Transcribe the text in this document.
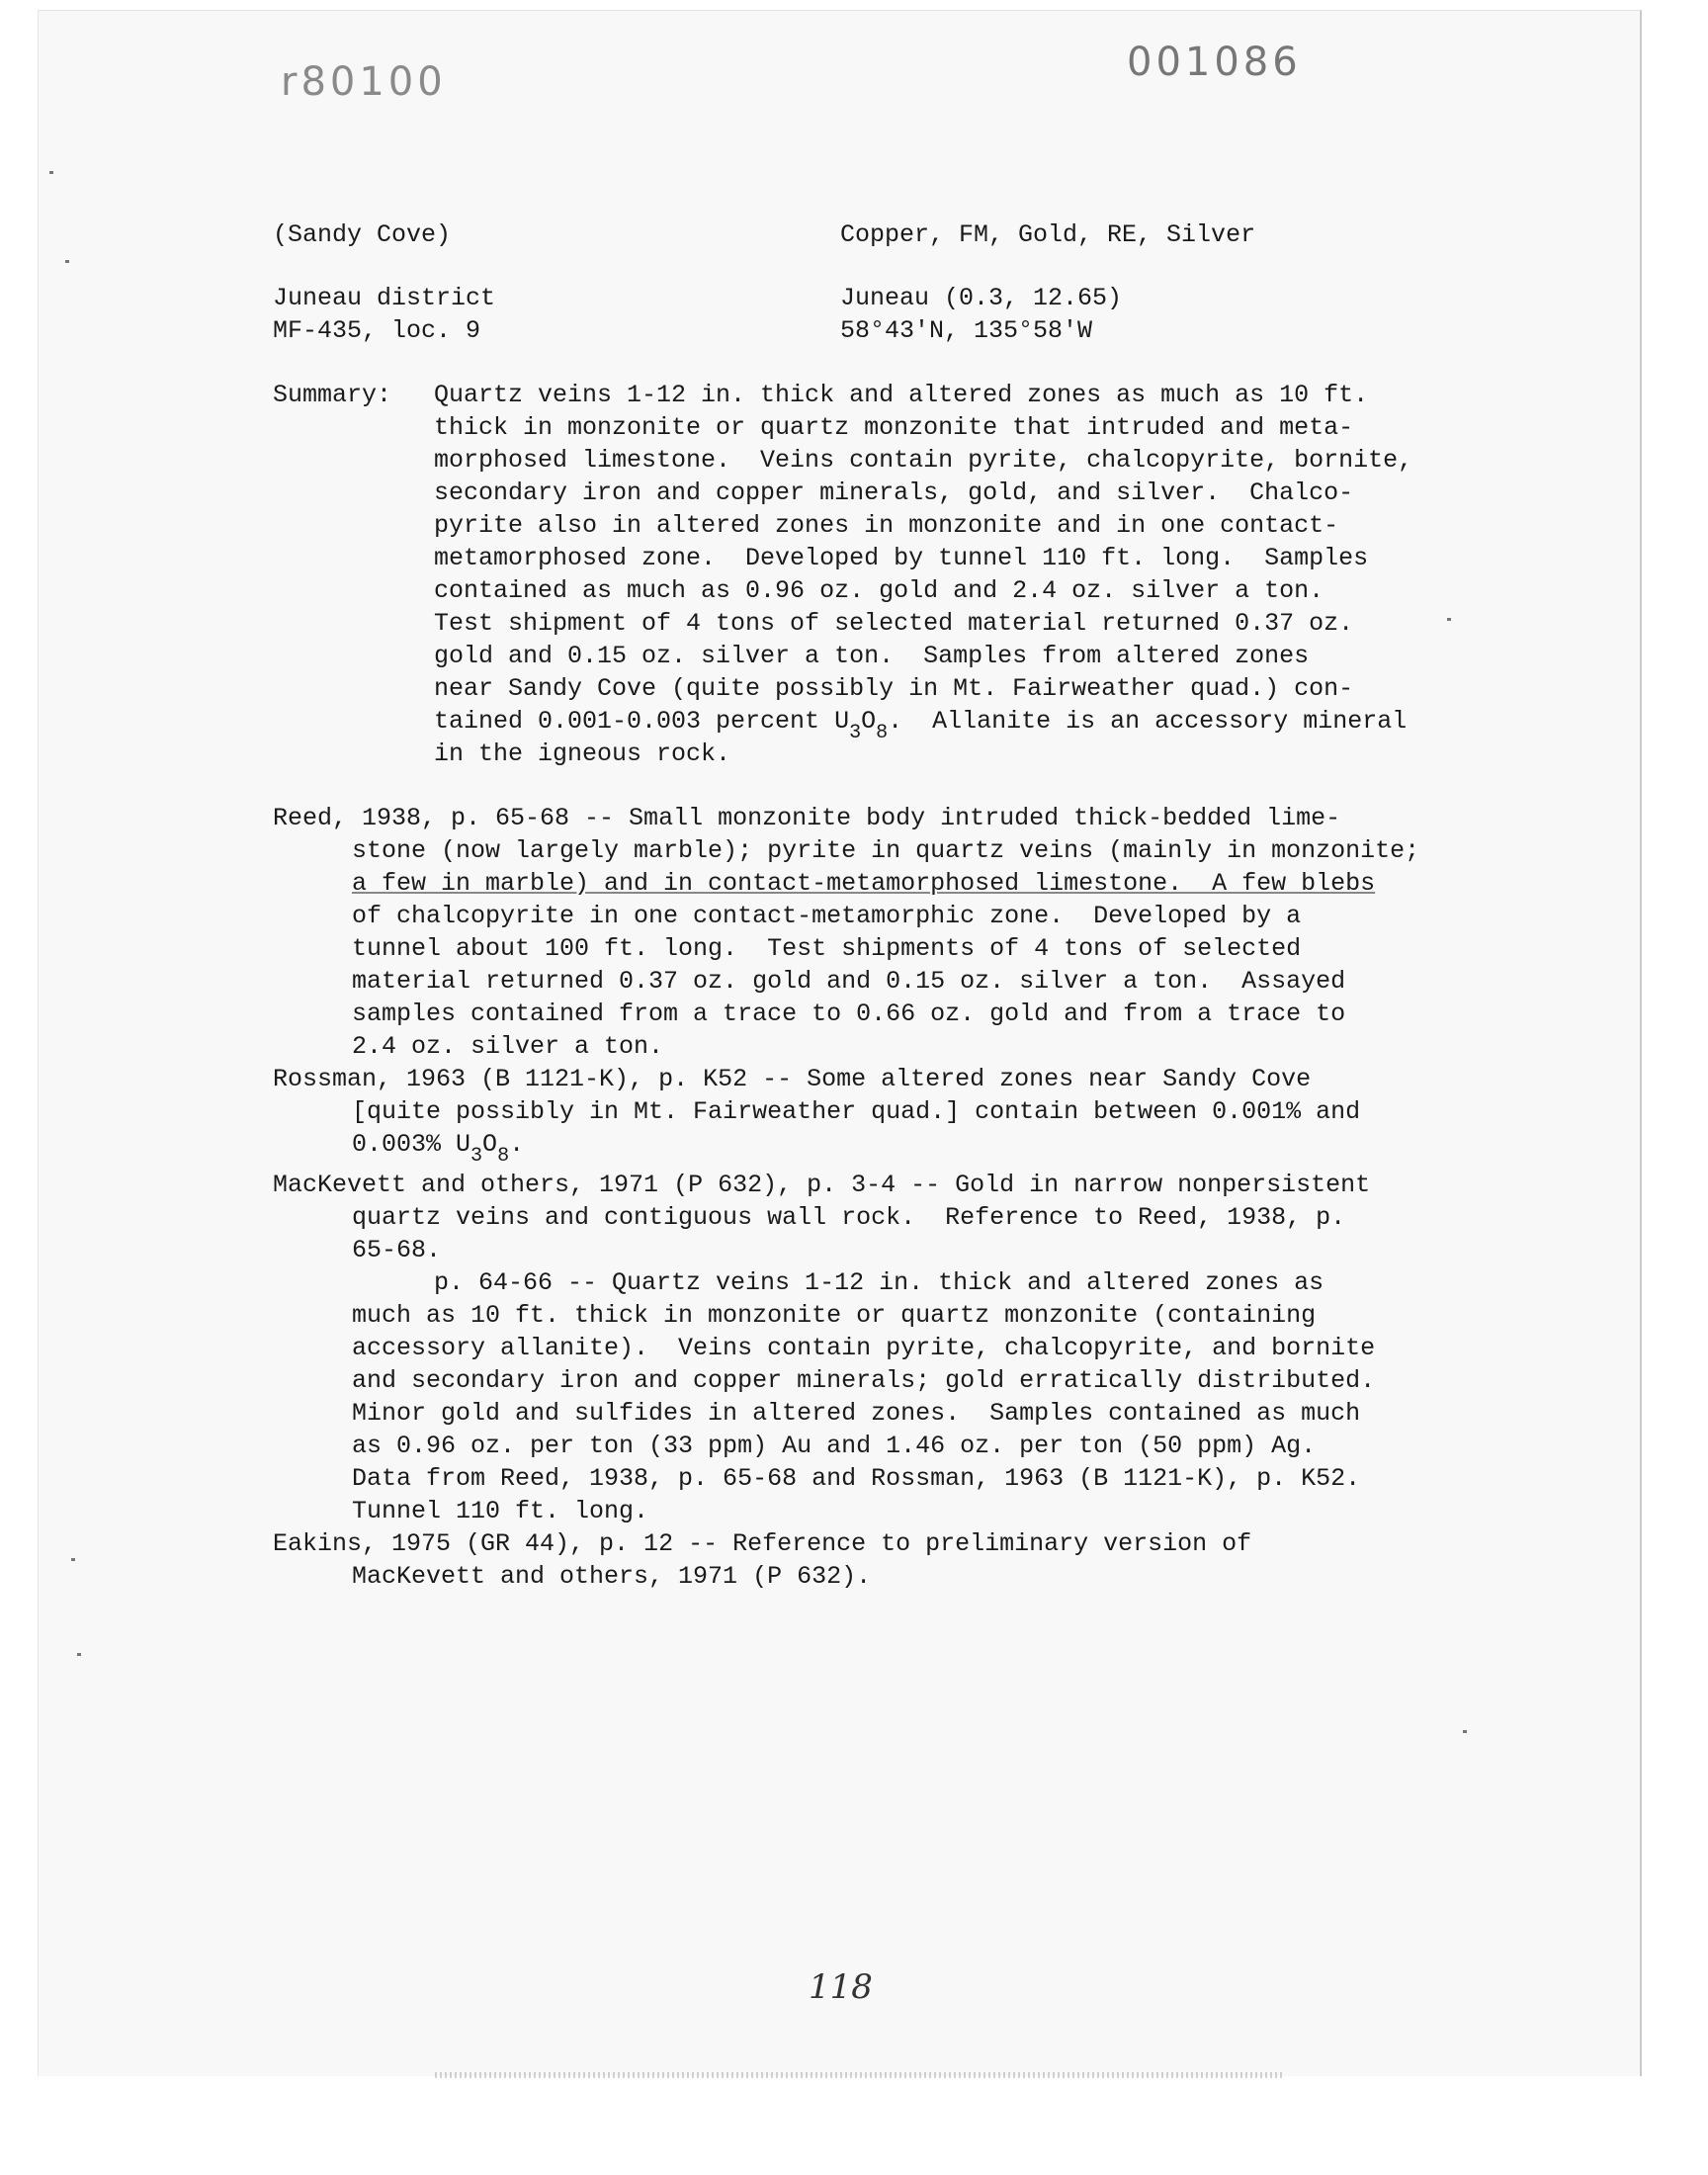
r80100	001086
(Sandy Cove)	Copper, FM, Gold, RE, Silver
Juneau district	Juneau (0.3, 12.65)
MF-435, loc. 9	58°43'N, 135°58'W
Summary: Quartz veins 1-12 in. thick and altered zones as much as 10 ft.
thick in monzonite or quartz monzonite that intruded and meta-
morphosed limestone.  Veins contain pyrite, chalcopyrite, bornite,
secondary iron and copper minerals, gold, and silver.  Chalco-
pyrite also in altered zones in monzonite and in one contact-
metamorphosed zone.  Developed by tunnel 110 ft. long.  Samples
contained as much as 0.96 oz. gold and 2.4 oz. silver a ton.
Test shipment of 4 tons of selected material returned 0.37 oz.
gold and 0.15 oz. silver a ton.  Samples from altered zones
near Sandy Cove (quite possibly in Mt. Fairweather quad.) con-
tained 0.001-0.003 percent $U_3O_8$.  Allanite is an accessory mineral
in the igneous rock.
Reed, 1938, p. 65-68 -- Small monzonite body intruded thick-bedded lime-
stone (now largely marble); pyrite in quartz veins (mainly in monzonite;
a few in marble) and in contact-metamorphosed limestone.  A few blebs
of chalcopyrite in one contact-metamorphic zone.  Developed by a
tunnel about 100 ft. long.  Test shipments of 4 tons of selected
material returned 0.37 oz. gold and 0.15 oz. silver a ton.  Assayed
samples contained from a trace to 0.66 oz. gold and from a trace to
2.4 oz. silver a ton.
Rossman, 1963 (B 1121-K), p. K52 -- Some altered zones near Sandy Cove
[quite possibly in Mt. Fairweather quad.] contain between 0.001% and
0.003% $U_3O_8$.
MacKevett and others, 1971 (P 632), p. 3-4 -- Gold in narrow nonpersistent
quartz veins and contiguous wall rock.  Reference to Reed, 1938, p.
65-68.
p. 64-66 -- Quartz veins 1-12 in. thick and altered zones as
much as 10 ft. thick in monzonite or quartz monzonite (containing
accessory allanite).  Veins contain pyrite, chalcopyrite, and bornite
and secondary iron and copper minerals; gold erratically distributed.
Minor gold and sulfides in altered zones.  Samples contained as much
as 0.96 oz. per ton (33 ppm) Au and 1.46 oz. per ton (50 ppm) Ag.
Data from Reed, 1938, p. 65-68 and Rossman, 1963 (B 1121-K), p. K52.
Tunnel 110 ft. long.
Eakins, 1975 (GR 44), p. 12 -- Reference to preliminary version of
MacKevett and others, 1971 (P 632).
118
